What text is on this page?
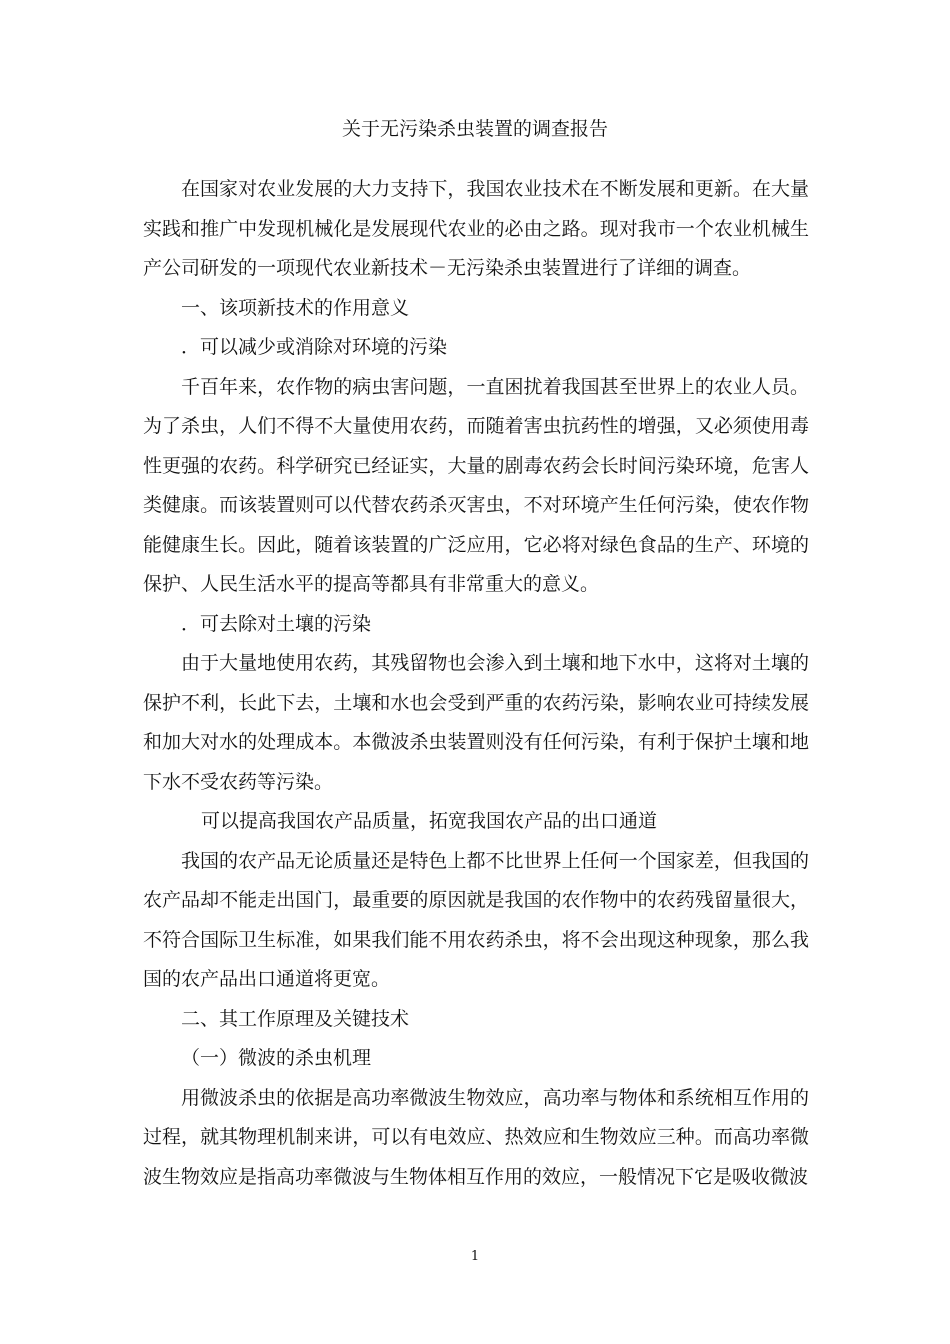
关于无污染杀虫装置的调查报告

在国家对农业发展的大力支持下，我国农业技术在不断发展和更新。在大量实践和推广中发现机械化是发展现代农业的必由之路。现对我市一个农业机械生产公司研发的一项现代农业新技术－无污染杀虫装置进行了详细的调查。

一、该项新技术的作用意义

．可以减少或消除对环境的污染

千百年来，农作物的病虫害问题，一直困扰着我国甚至世界上的农业人员。为了杀虫，人们不得不大量使用农药，而随着害虫抗药性的增强，又必须使用毒性更强的农药。科学研究已经证实，大量的剧毒农药会长时间污染环境，危害人类健康。而该装置则可以代替农药杀灭害虫，不对环境产生任何污染，使农作物能健康生长。因此，随着该装置的广泛应用，它必将对绿色食品的生产、环境的保护、人民生活水平的提高等都具有非常重大的意义。

．可去除对土壤的污染

由于大量地使用农药，其残留物也会渗入到土壤和地下水中，这将对土壤的保护不利，长此下去，土壤和水也会受到严重的农药污染，影响农业可持续发展和加大对水的处理成本。本微波杀虫装置则没有任何污染，有利于保护土壤和地下水不受农药等污染。

可以提高我国农产品质量，拓宽我国农产品的出口通道

我国的农产品无论质量还是特色上都不比世界上任何一个国家差，但我国的农产品却不能走出国门，最重要的原因就是我国的农作物中的农药残留量很大，不符合国际卫生标准，如果我们能不用农药杀虫，将不会出现这种现象，那么我国的农产品出口通道将更宽。

二、其工作原理及关键技术

（一）微波的杀虫机理

用微波杀虫的依据是高功率微波生物效应，高功率与物体和系统相互作用的过程，就其物理机制来讲，可以有电效应、热效应和生物效应三种。而高功率微波生物效应是指高功率微波与生物体相互作用的效应，一般情况下它是吸收微波

1
